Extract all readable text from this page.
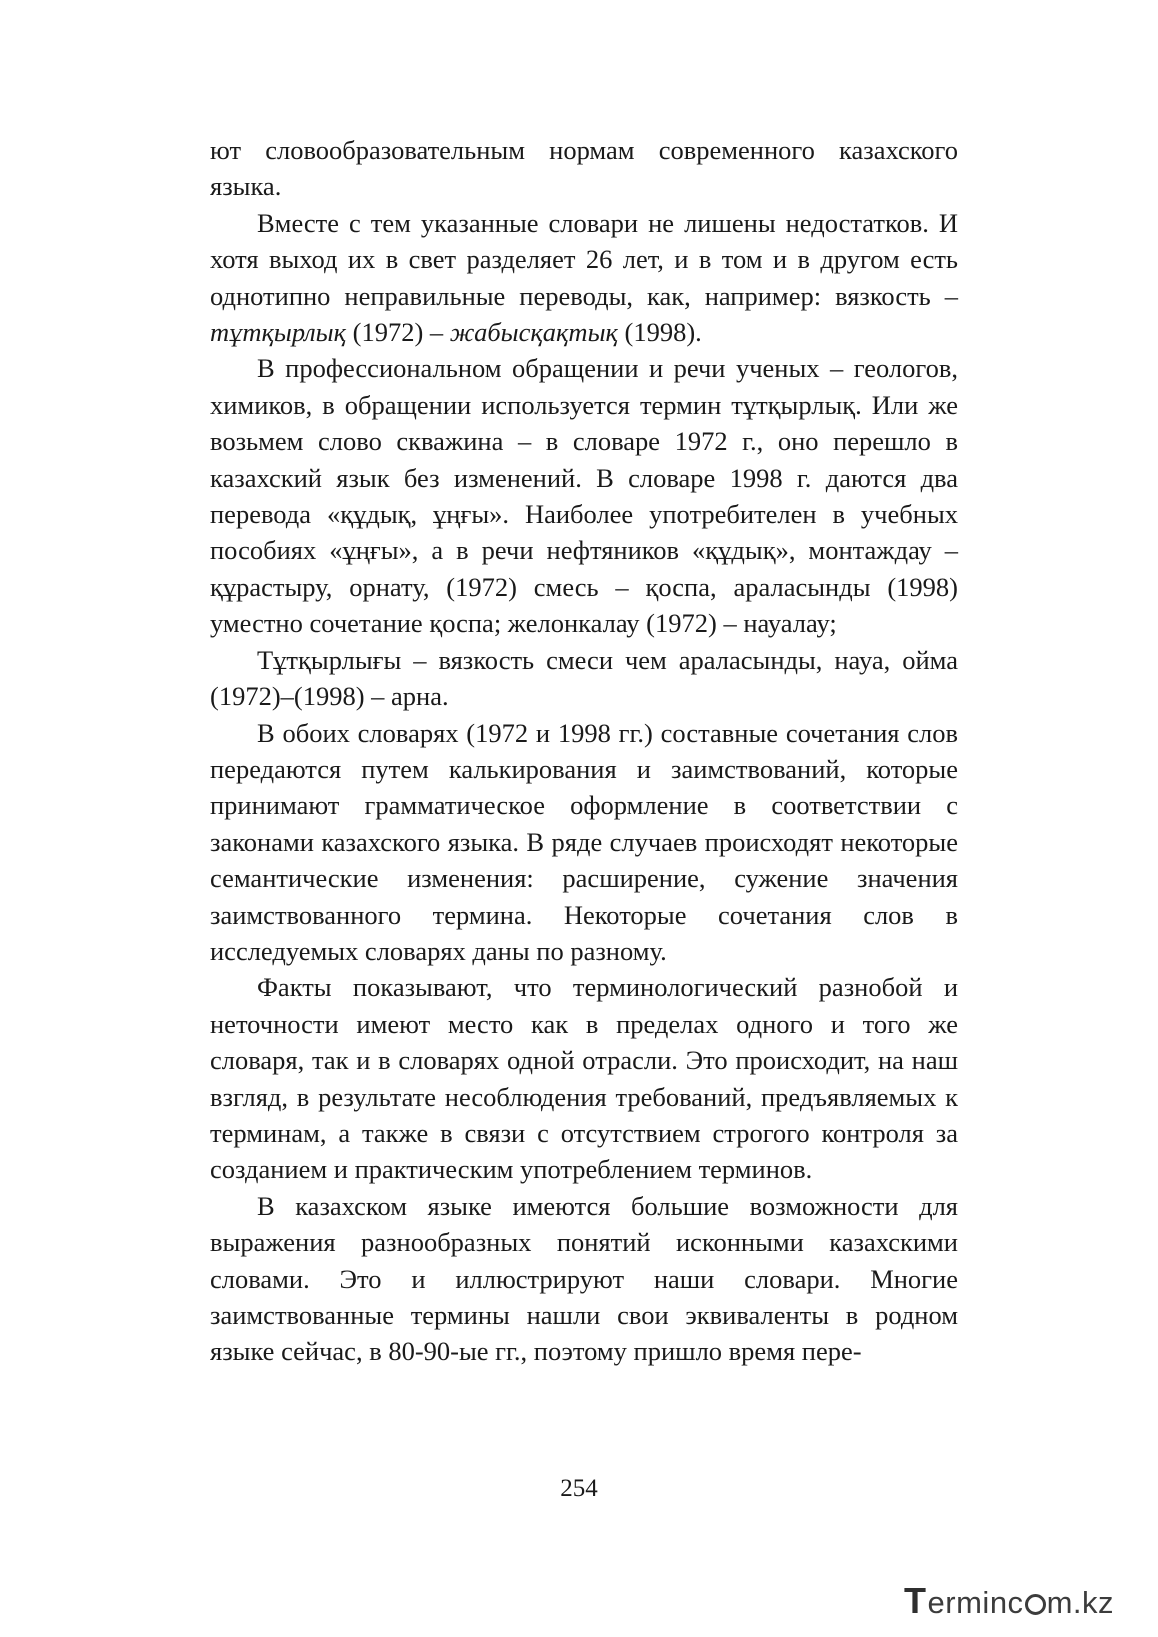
ют словообразовательным нормам современного казахского языка.

Вместе с тем указанные словари не лишены недостатков. И хотя выход их в свет разделяет 26 лет, и в том и в другом есть однотипно неправильные переводы, как, например: вязкость – тұтқырлық (1972) – жабысқақтық (1998).

В профессиональном обращении и речи ученых – геологов, химиков, в обращении используется термин тұтқырлық. Или же возьмем слово скважина – в словаре 1972 г., оно перешло в казахский язык без изменений. В словаре 1998 г. даются два перевода «құдық, ұңғы». Наиболее употребителен в учебных пособиях «ұңғы», а в речи нефтяников «құдық», монтаждау – құрастыру, орнату, (1972) смесь – қоспа, араласынды (1998) уместно сочетание қоспа; желонкалау (1972) – науалау;

Тұтқырлығы – вязкость смеси чем араласынды, науа, ойма (1972)–(1998) – арна.

В обоих словарях (1972 и 1998 гг.) составные сочетания слов передаются путем калькирования и заимствований, которые принимают грамматическое оформление в соответствии с законами казахского языка. В ряде случаев происходят некоторые семантические изменения: расширение, сужение значения заимствованного термина. Некоторые сочетания слов в исследуемых словарях даны по разному.

Факты показывают, что терминологический разнобой и неточности имеют место как в пределах одного и того же словаря, так и в словарях одной отрасли. Это происходит, на наш взгляд, в результате несоблюдения требований, предъявляемых к терминам, а также в связи с отсутствием строгого контроля за созданием и практическим употреблением терминов.

В казахском языке имеются большие возможности для выражения разнообразных понятий исконными казахскими словами. Это и иллюстрируют наши словари. Многие заимствованные термины нашли свои эквиваленты в родном языке сейчас, в 80-90-ые гг., поэтому пришло время пере-

254
Terminc m.kz
